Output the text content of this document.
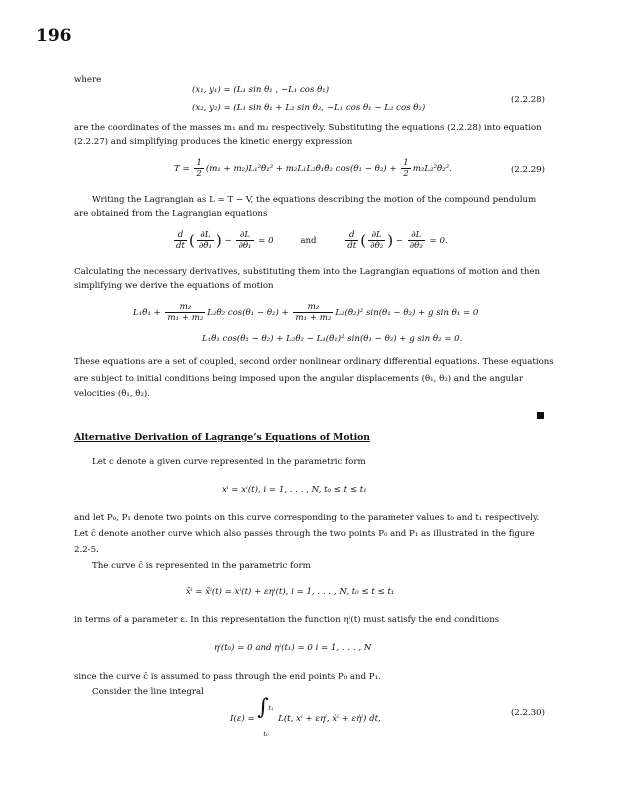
196
where
(x₁, y₁) = (L₁ sin θ₁ , −L₁ cos θ₁)
(x₂, y₂) = (L₁ sin θ₁ + L₂ sin θ₂, −L₁ cos θ₁ − L₂ cos θ₂)
(2.2.28)
are the coordinates of the masses m₁ and m₂ respectively. Substituting the equations (2.2.28) into equation
(2.2.27) and simplifying produces the kinetic energy expression
$T = \frac{1}{2} (m_1$ + m₂)L₁²θ̇₁² + m₂L₁L₂θ̇₁θ̇₂ $\cos(\theta_1 - \theta_2) + \frac{1}{2}$ m₂L₂²θ̇₂².	(2.2.29)
Writing the Lagrangian as L = T − V, the equations describing the motion of the compound pendulum
are obtained from the Lagrangian equations
$\frac{d}{dt}$ ( $\frac{\partial L}{\text{∂θ̇₁}}$ ) − $\frac{\partial L}{\text{∂θ₁}} = 0$	and	$\frac{d}{dt}$ ( $\frac{\partial L}{\text{∂θ̇₂}}$ ) − $\frac{\partial L}{\text{∂θ₂}} = 0$.
Calculating the necessary derivatives, substituting them into the Lagrangian equations of motion and then
simplifying we derive the equations of motion
L₁θ̈₁ + $\frac{\text{m₂}}{\text{m₁ + m₂}}$ L₂θ̈₂ $\cos(\theta_1 - \theta_2) + \frac{\text{m₂}}{\text{m₁ + m₂}}$ L₂(θ̇₂)² sin(θ₁ − θ₂) + g sin θ₁ = 0
L₁θ̈₁ cos(θ₁ − θ₂) + L₂θ̈₂ − L₁(θ̇₁)² sin(θ₁ − θ₂) + g sin θ₂ = 0.
These equations are a set of coupled, second order nonlinear ordinary differential equations. These equations
are subject to initial conditions being imposed upon the angular displacements (θ₁, θ₂) and the angular
velocities (θ̇₁, θ̇₂).
Alternative Derivation of Lagrange’s Equations of Motion
Let c denote a given curve represented in the parametric form
xⁱ = xⁱ(t), i = 1, . . . , N, t₀ ≤ t ≤ t₁
and let P₀, P₁ denote two points on this curve corresponding to the parameter values t₀ and t₁ respectively.
Let c̄ denote another curve which also passes through the two points P₀ and P₁ as illustrated in the figure
2.2-5.
The curve c̄ is represented in the parametric form
x̄ⁱ = x̄ⁱ(t) = xⁱ(t) + εηⁱ(t), i = 1, . . . , N, t₀ ≤ t ≤ t₁
in terms of a parameter ε. In this representation the function ηⁱ(t) must satisfy the end conditions
ηⁱ(t₀) = 0 and ηⁱ(t₁) = 0 i = 1, . . . , N
since the curve c̄ is assumed to pass through the end points P₀ and P₁.
Consider the line integral
I(ε) = ∫ t₁
t₀
L(t, xⁱ + εηⁱ, ẋⁱ + εη̇ⁱ) dt,
(2.2.30)
